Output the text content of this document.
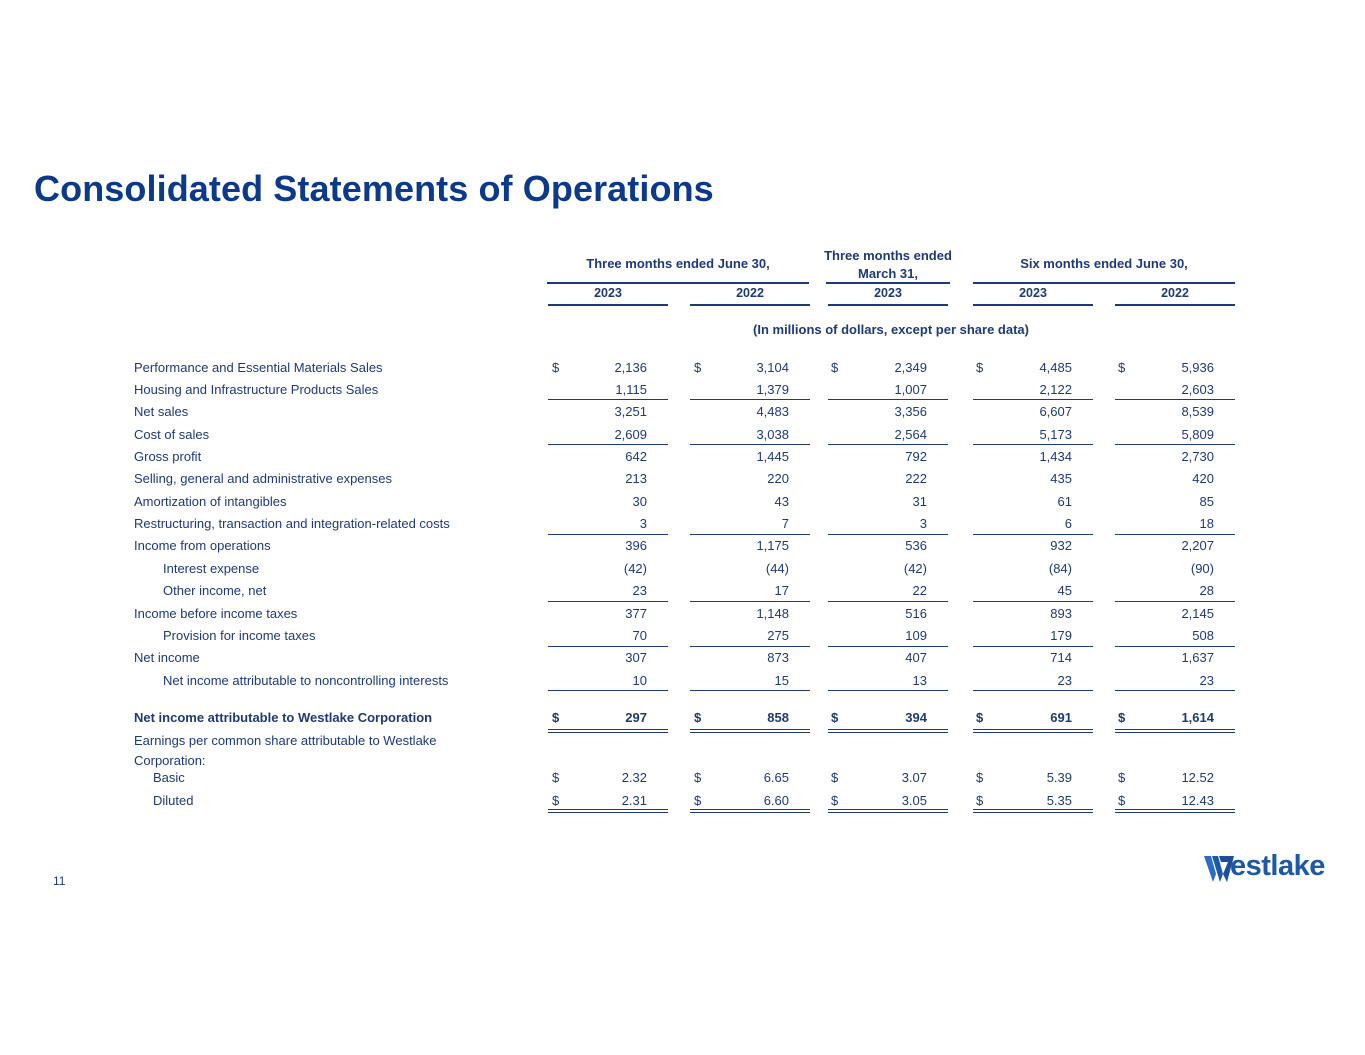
Consolidated Statements of Operations
Three months ended June 30,
Three months ended March 31,
Six months ended June 30,
2023	2022	2023	2023	2022
(In millions of dollars, except per share data)
Performance and Essential Materials Sales	$	2,136	$	3,104	$	2,349	$	4,485	$	5,936
Housing and Infrastructure Products Sales	1,115	1,379	1,007	2,122	2,603
Net sales	3,251	4,483	3,356	6,607	8,539
Cost of sales	2,609	3,038	2,564	5,173	5,809
Gross profit	642	1,445	792	1,434	2,730
Selling, general and administrative expenses	213	220	222	435	420
Amortization of intangibles	30	43	31	61	85
Restructuring, transaction and integration-related costs	3	7	3	6	18
Income from operations	396	1,175	536	932	2,207
Interest expense	(42)	(44)	(42)	(84)	(90)
Other income, net	23	17	22	45	28
Income before income taxes	377	1,148	516	893	2,145
Provision for income taxes	70	275	109	179	508
Net income	307	873	407	714	1,637
Net income attributable to noncontrolling interests	10	15	13	23	23
Net income attributable to Westlake Corporation	$	297	$	858	$	394	$	691	$	1,614
Basic	$	2.32	$	6.65	$	3.07	$	5.39	$	12.52
Diluted	$	2.31	$	6.60	$	3.05	$	5.35	$	12.43
Earnings per common share attributable to Westlake Corporation:
11	estlake
